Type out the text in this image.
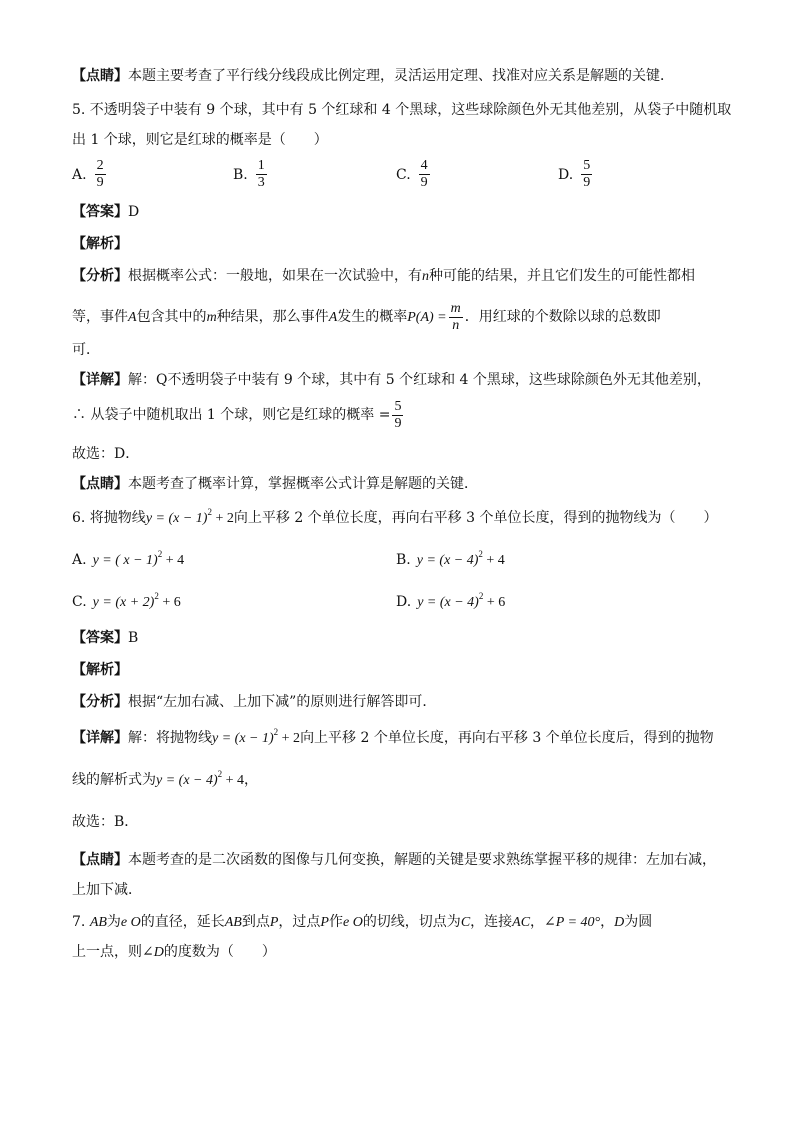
【点睛】本题主要考查了平行线分线段成比例定理，灵活运用定理、找准对应关系是解题的关键．
5. 不透明袋子中装有 9 个球，其中有 5 个红球和 4 个黑球，这些球除颜色外无其他差别，从袋子中随机取
出 1 个球，则它是红球的概率是（　　）
A. $\frac{2}{9}$	B. $\frac{1}{3}$	C. $\frac{4}{9}$	D. $\frac{5}{9}$
【答案】D
【解析】
【分析】根据概率公式：一般地，如果在一次试验中，有n种可能的结果，并且它们发生的可能性都相
等，事件A包含其中的m种结果，那么事件A发生的概率$P(A) = \frac{m}{n}$ ．用红球的个数除以球的总数即
可．
【详解】解：Q不透明袋子中装有 9 个球，其中有 5 个红球和 4 个黑球，这些球除颜色外无其他差别，
∴ 从袋子中随机取出 1 个球，则它是红球的概率 = $\frac{5}{9}$
故选：D．
【点睛】本题考查了概率计算，掌握概率公式计算是解题的关键．
6. 将抛物线$y = (x - 1)^2 + 2$向上平移 2 个单位长度，再向右平移 3 个单位长度，得到的抛物线为（　　）
A. y = ( x − 1)$^2$ + 4	B. $y = (x - 4)^2 + 4$
C. $y = (x + 2)^2 + 6$	D. $y = (x - 4)^2 + 6$
【答案】B
【解析】
【分析】根据“左加右减、上加下减”的原则进行解答即可．
【详解】解：将抛物线$y = (x - 1)^2 + 2$向上平移 2 个单位长度，再向右平移 3 个单位长度后，得到的抛物
线的解析式为$y = (x - 4)^2 + 4$，
故选：B．
【点睛】本题考查的是二次函数的图像与几何变换，解题的关键是要求熟练掌握平移的规律：左加右减，
上加下减．
7. AB为e O的直径，延长AB到点P，过点P作e O的切线，切点为C，连接AC，∠P = 40°，D为圆
上一点，则∠D的度数为（　　）
